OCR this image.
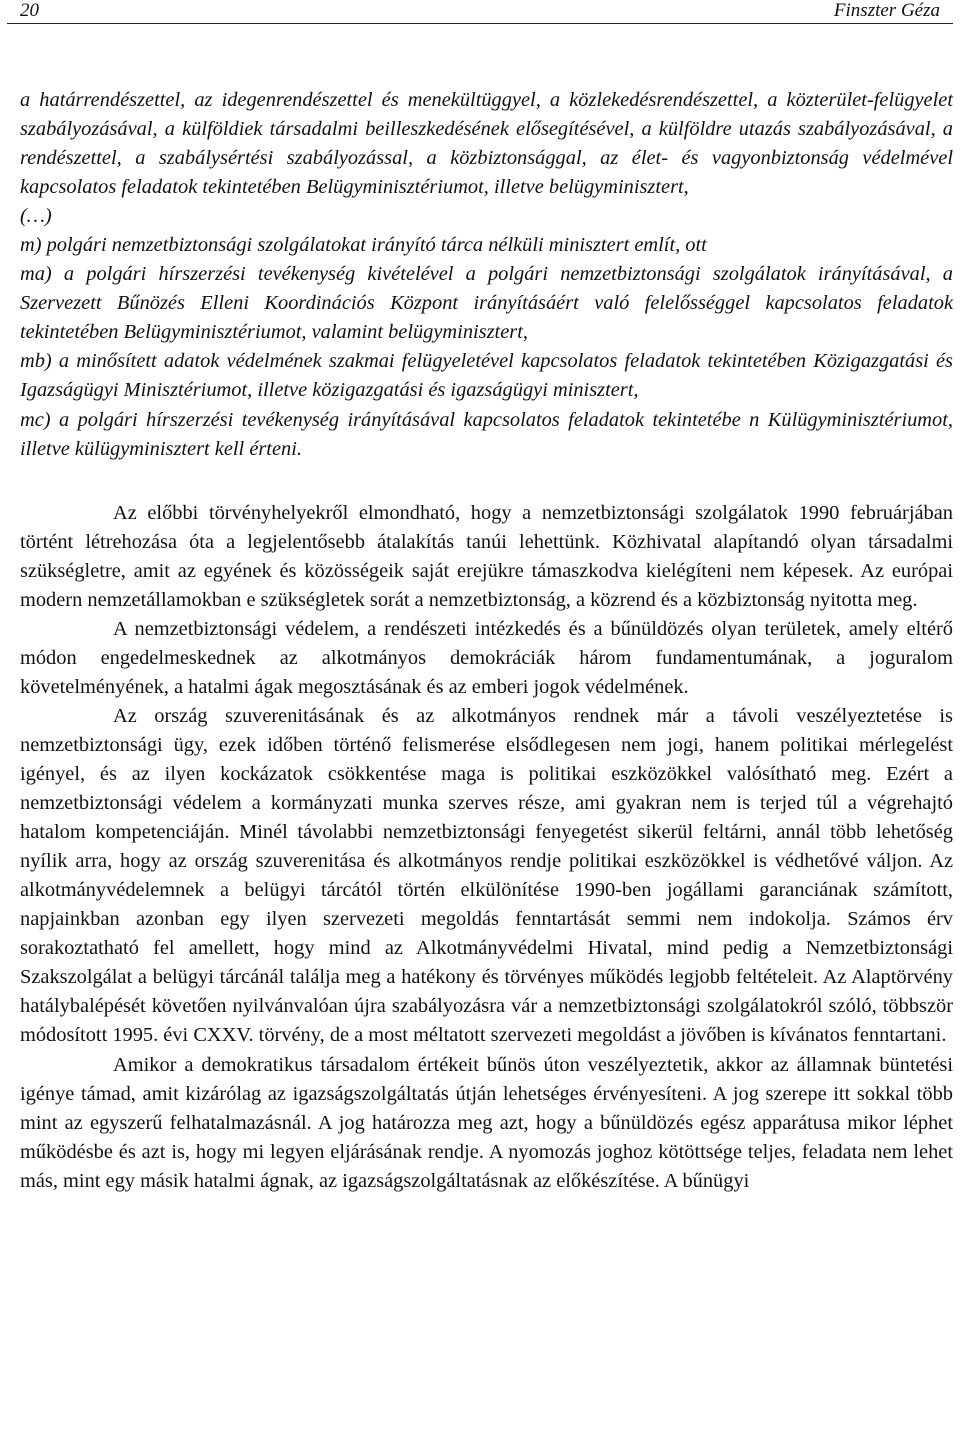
20	Finszter Géza
a határrendészettel, az idegenrendészettel és menekültüggyel, a közlekedésrendészettel, a közterület-felügyelet szabályozásával, a külföldiek társadalmi beilleszkedésének elősegítésével, a külföldre utazás szabályozásával, a rendészettel, a szabálysértési szabályozással, a közbiztonsággal, az élet- és vagyonbiztonság védelmével kapcsolatos feladatok tekintetében Belügyminisztériumot, illetve belügyminisztert,
(…)
m) polgári nemzetbiztonsági szolgálatokat irányító tárca nélküli minisztert említ, ott
ma) a polgári hírszerzési tevékenység kivételével a polgári nemzetbiztonsági szolgálatok irányításával, a Szervezett Bűnözés Elleni Koordinációs Központ irányításáért való felelősséggel kapcsolatos feladatok tekintetében Belügyminisztériumot, valamint belügyminisztert,
mb) a minősített adatok védelmének szakmai felügyeletével kapcsolatos feladatok tekintetében Közigazgatási és Igazságügyi Minisztériumot, illetve közigazgatási és igazságügyi minisztert,
mc) a polgári hírszerzési tevékenység irányításával kapcsolatos feladatok tekintetébe n Külügyminisztériumot, illetve külügyminisztert kell érteni.

Az előbbi törvényhelyekről elmondható, hogy a nemzetbiztonsági szolgálatok 1990 februárjában történt létrehozása óta a legjelentősebb átalakítás tanúi lehettünk. Közhivatal alapítandó olyan társadalmi szükségletre, amit az egyének és közösségeik saját erejükre támaszkodva kielégíteni nem képesek. Az európai modern nemzetállamokban e szükségletek sorát a nemzetbiztonság, a közrend és a közbiztonság nyitotta meg.

A nemzetbiztonsági védelem, a rendészeti intézkedés és a bűnüldözés olyan területek, amely eltérő módon engedelmeskednek az alkotmányos demokráciák három fundamentumának, a joguralom követelményének, a hatalmi ágak megosztásának és az emberi jogok védelmének.

Az ország szuverenitásának és az alkotmányos rendnek már a távoli veszélyeztetése is nemzetbiztonsági ügy, ezek időben történő felismerése elsődlegesen nem jogi, hanem politikai mérlegelést igényel, és az ilyen kockázatok csökkentése maga is politikai eszközökkel valósítható meg. Ezért a nemzetbiztonsági védelem a kormányzati munka szerves része, ami gyakran nem is terjed túl a végrehajtó hatalom kompetenciáján. Minél távolabbi nemzetbiztonsági fenyegetést sikerül feltárni, annál több lehetőség nyílik arra, hogy az ország szuverenitása és alkotmányos rendje politikai eszközökkel is védhetővé váljon. Az alkotmányvédelemnek a belügyi tárcától történ elkülönítése 1990-ben jogállami garanciának számított, napjainkban azonban egy ilyen szervezeti megoldás fenntartását semmi nem indokolja. Számos érv sorakoztatható fel amellett, hogy mind az Alkotmányvédelmi Hivatal, mind pedig a Nemzetbiztonsági Szakszolgálat a belügyi tárcánál találja meg a hatékony és törvényes működés legjobb feltételeit. Az Alaptörvény hatálybalépését követően nyilvánvalóan újra szabályozásra vár a nemzetbiztonsági szolgálatokról szóló, többször módosított 1995. évi CXXV. törvény, de a most méltatott szervezeti megoldást a jövőben is kívánatos fenntartani.

Amikor a demokratikus társadalom értékeit bűnös úton veszélyeztetik, akkor az államnak büntetési igénye támad, amit kizárólag az igazságszolgáltatás útján lehetséges érvényesíteni. A jog szerepe itt sokkal több mint az egyszerű felhatalmazásnál. A jog határozza meg azt, hogy a bűnüldözés egész apparátusa mikor léphet működésbe és azt is, hogy mi legyen eljárásának rendje. A nyomozás joghoz kötöttsége teljes, feladata nem lehet más, mint egy másik hatalmi ágnak, az igazságszolgáltatásnak az előkészítése. A bűnügyi
